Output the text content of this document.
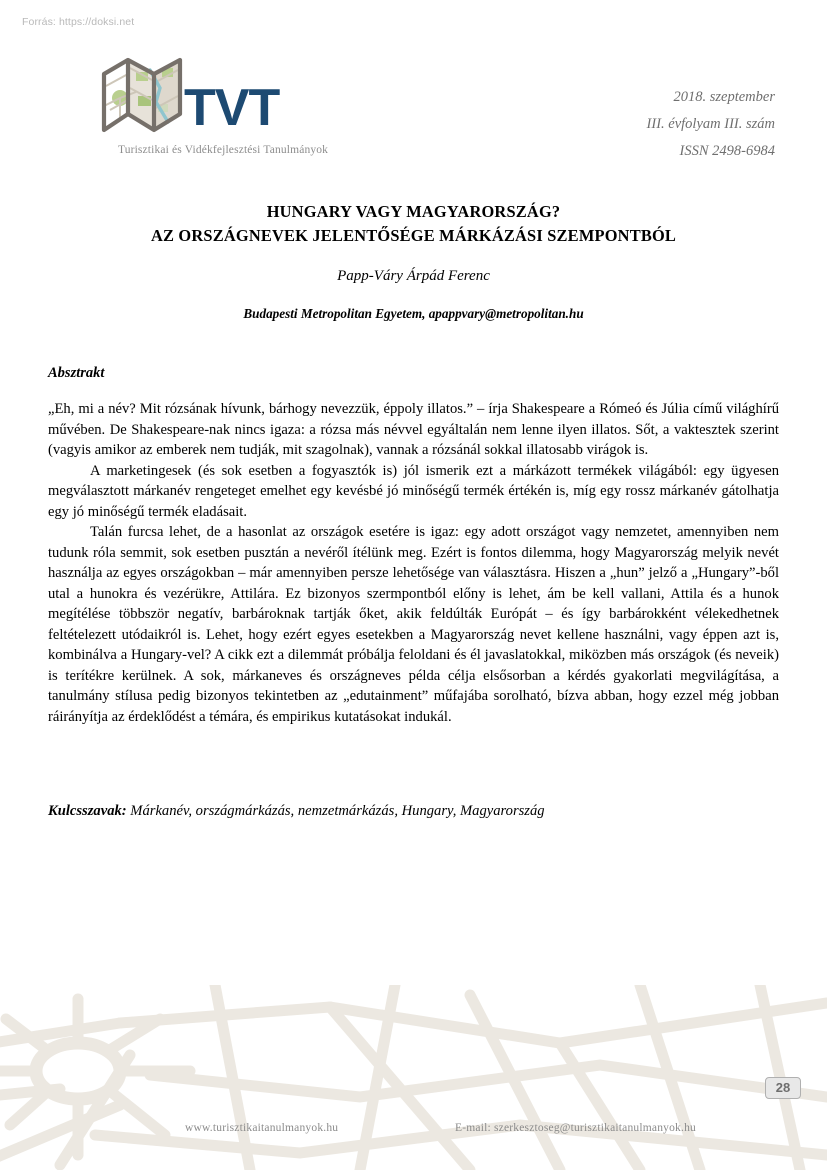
Forrás: https://doksi.net
TVT
Turisztikai és Vidékfejlesztési Tanulmányok
2018. szeptember
III. évfolyam III. szám
ISSN 2498-6984
HUNGARY VAGY MAGYARORSZÁG?
AZ ORSZÁGNEVEK JELENTŐSÉGE MÁRKÁZÁSI SZEMPONTBÓL
Papp-Váry Árpád Ferenc
Budapesti Metropolitan Egyetem, apappvary@metropolitan.hu
Absztrakt

„Eh, mi a név? Mit rózsának hívunk, bárhogy nevezzük, éppoly illatos.” – írja Shakespeare a Rómeó és Júlia című világhírű művében. De Shakespeare-nak nincs igaza: a rózsa más névvel egyáltalán nem lenne ilyen illatos. Sőt, a vaktesztek szerint (vagyis amikor az emberek nem tudják, mit szagolnak), vannak a rózsánál sokkal illatosabb virágok is.

A marketingesek (és sok esetben a fogyasztók is) jól ismerik ezt a márkázott termékek világából: egy ügyesen megválasztott márkanév rengeteget emelhet egy kevésbé jó minőségű termék értékén is, míg egy rossz márkanév gátolhatja egy jó minőségű termék eladásait.

Talán furcsa lehet, de a hasonlat az országok esetére is igaz: egy adott országot vagy nemzetet, amennyiben nem tudunk róla semmit, sok esetben pusztán a nevéről ítélünk meg. Ezért is fontos dilemma, hogy Magyarország melyik nevét használja az egyes országokban – már amennyiben persze lehetősége van választásra. Hiszen a „hun” jelző a „Hungary”-ből utal a hunokra és vezérükre, Attilára. Ez bizonyos szermpontból előny is lehet, ám be kell vallani, Attila és a hunok megítélése többször negatív, barbároknak tartják őket, akik feldúlták Európát – és így barbárokként vélekedhetnek feltételezett utódaikról is. Lehet, hogy ezért egyes esetekben a Magyarország nevet kellene használni, vagy éppen azt is, kombinálva a Hungary-vel? A cikk ezt a dilemmát próbálja feloldani és él javaslatokkal, miközben más országok (és neveik) is terítékre kerülnek. A sok, márkaneves és országneves példa célja elsősorban a kérdés gyakorlati megvilágítása, a tanulmány stílusa pedig bizonyos tekintetben az „edutainment” műfajába sorolható, bízva abban, hogy ezzel még jobban ráirányítja az érdeklődést a témára, és empirikus kutatásokat indukál.

Kulcsszavak: Márkanév, országmárkázás, nemzetmárkázás, Hungary, Magyarország
28
www.turisztikaitanulmanyok.hu	E-mail: szerkesztoseg@turisztikaitanulmanyok.hu
